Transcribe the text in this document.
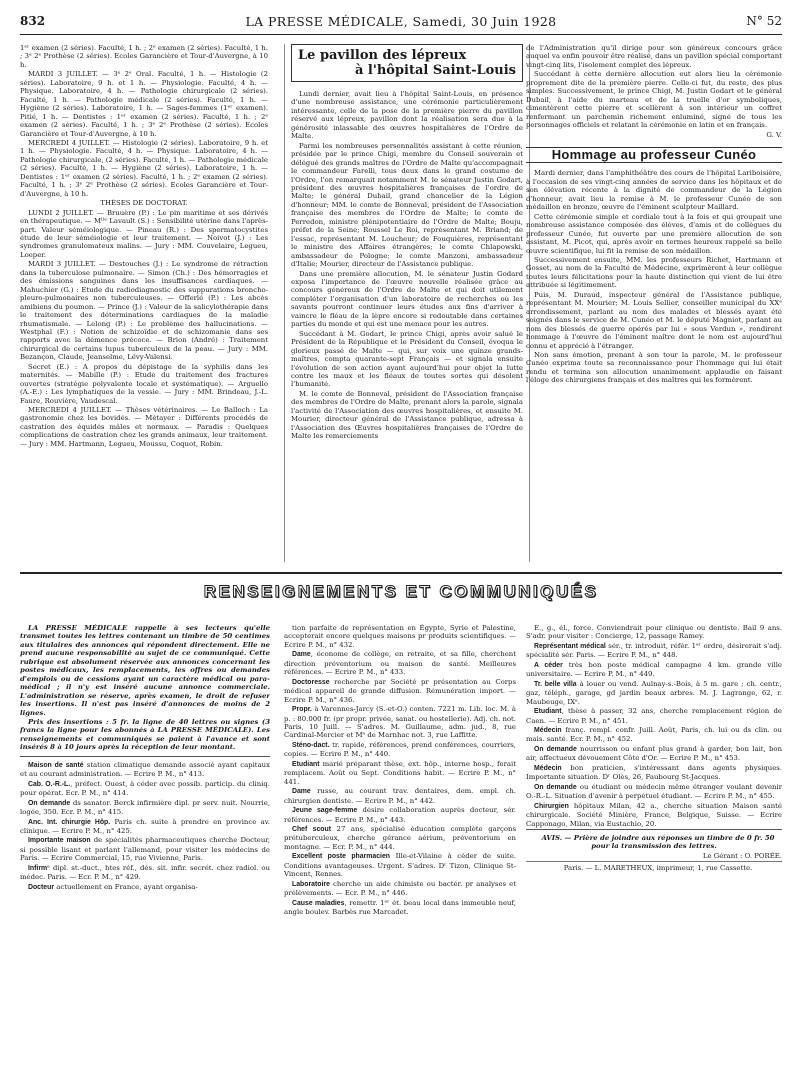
832	LA PRESSE MÉDICALE, Samedi, 30 Juin 1928	N° 52

1ᵉʳ examen (2 séries). Faculté, 1 h. ; 2ᵉ examen (2 séries). Faculté, 1 h. ; 3ᵉ 2ᵉ Prothèse (2 séries). Ecoles Garancière et Tour-d'Auvergne, à 10 h.

MARDI 3 JUILLET. — 3ᵉ 2ᵉ Oral. Faculté, 1 h. — Histologie (2 séries). Laboratoire, 9 h. et 1 h. — Physiologie. Faculté, 4 h. — Physique. Laboratoire, 4 h. — Pathologie chirurgicale (2 séries). Faculté, 1 h. — Pathologie médicale (2 séries). Faculté, 1 h. — Hygiène (2 séries). Laboratoire, 1 h. — Sages-femmes (1ᵉʳ examen). Pitié, 1 h. — Dentistes : 1ᵉʳ examen (2 séries). Faculté, 1 h. ; 2ᵉ examen (2 séries). Faculté, 1 h. ; 3ᵉ 2ᵉ Prothèse (2 séries). Ecoles Garancière et Tour-d'Auvergne, à 10 h.

MERCREDI 4 JUILLET. — Histologie (2 séries). Laboratoire, 9 h. et 1 h. — Physiologie. Faculté, 4 h. — Physique. Laboratoire, 4 h. — Pathologie chirurgicale, (2 séries). Faculté, 1 h. — Pathologie médicale (2 séries). Faculté, 1 h. — Hygiène (2 séries). Laboratoire, 1 h. — Dentistes : 1ᵉʳ examen (2 séries). Faculté, 1 h. ; 2ᵉ examen (2 séries). Faculté, 1 h. ; 3ᵉ 2ᵉ Prothèse (2 séries). Ecoles Garancière et Tour-d'Auvergne, à 10 h.

THÈSES DE DOCTORAT.

LUNDI 2 JUILLET. — Bruuère (P.) : Le pin maritime et ses dérivés en thérapeutique. — Mˡˡᵉ Lavault (S.) : Sensibilité utérine dans l'après-part. Valeur séméiologique. — Pineau (R.) : Des spermatocystites étude de leur séméiologie et leur traitement. — Noivot (J.) : Les syndromes granulomateux malins. — Jury : MM. Couvelaire, Legueu, Loeper.

MARDI 3 JUILLET. — Destouches (J.) : Le syndrome de rétraction dans la tuberculose pulmonaire. — Simon (Ch.) : Des hémorragies et des émissions sanguines dans les insuffisances cardiaques. — Mahuchier (G.) : Etude du radiodiagnostic des suppurations broncho-pleuro-pulmonaires non tuberculeuses. — Offerlé (P.) : Les abcès amibiens du poumon. — Prince (J.) : Valeur de la salicylothérapie dans le traitement des déterminations cardiaques de la maladie rhumatismale. — Lelong (P.) : Le problème des hallucinations. — Westphal (F.) : Notion de schizoïdie et de schizomanie dans ses rapports avec la démence précoce. — Brion (André) : Traitement chirurgical de certains lupus tuberculeux de la peau. — Jury : MM. Bezançon, Claude, Jeanselme, Lévy-Valensi.

Secret (E.) : A propos du dépistage de la syphilis dans les maternités. — Mabille (P.) : Etude du traitement des fractures ouvertes (stratégie polyvalente locale et systématique). — Arguello (A.-E.) : Les lymphatiques de la vessie. — Jury : MM. Brindeau, J.-L. Faure, Rouvière, Vaudescal.

MERCREDI 4 JUILLET. — Thèses vétérinaires. — Le Balloch : La gastronomie chez les bovidés. — Métayer : Différents procédés de castration des équidés mâles et normaux. — Paradis : Quelques complications de castration chez les grands animaux, leur traitement. — Jury : MM. Hartmann, Legueu, Moussu, Coquot, Robin.

Le pavillon des lépreux
à l'hôpital Saint-Louis

Lundi dernier, avait lieu à l'hôpital Saint-Louis, en présence d'une nombreuse assistance, une cérémonie particulièrement intéressante, celle de la pose de la première pierre du pavillon réservé aux lépreux, pavillon dont la réalisation sera due à la générosité inlassable des œuvres hospitalières de l'Ordre de Malte.

Parmi les nombreuses personnalités assistant à cette réunion, présidée par le prince Chigi, membre du Conseil souverain et délégué des grands maîtres de l'Ordre de Malte qu'accompagnait le commandeur Farelli, tous deux dans le grand costume de l'Ordre, l'on remarquait notamment M. le sénateur Justin Godart, président des œuvres hospitalières françaises de l'ordre de Malte; le général Dubail, grand chancelier de la Légion d'honneur; MM. le comte de Bonneval, président de l'Association française des membres de l'Ordre de Malte; le comte de Perredon, ministre plénipotentiaire de l'Ordre de Malte; Bouju, préfet de la Seine; Roussel Le Roi, représentant M. Briand; de l'essac, représentant M. Loucheur; de Fouquières, représentant le ministre des Affaires étrangères; le comte Chlapowski, ambassadeur de Pologne; le comte Manzoni, ambassadeur d'Italie; Mourier, directeur de l'Assistance publique.

Dans une première allocution, M. le sénateur Justin Godard exposa l'importance de l'œuvre nouvelle réalisée grâce au concours généreux de l'Ordre de Malte et qui doit utilement compléter l'organisation d'un laboratoire de recherches où les savants pourront continuer leurs études aux fins d'arriver à vaincre le fléau de la lèpre encore si redoutable dans certaines parties du monde et qui est une menace pour les autres.

Succédant à M. Godart, le prince Chigi, après avoir salué le Président de la République et le Président du Conseil, évoqua le glorieux passé de Malte — qui, sur voix une quinze grands-maîtres, compta quarante-sept Français — et signala ensuite l'évolution de son action ayant aujourd'hui pour objet la lutte contre les maux et les fléaux de toutes sortes qui désolent l'humanité.

M. le comte de Bonneval, président de l'Association française des membres de l'Ordre de Malte, prenant alors la parole, signala l'activité de l'Association des œuvres hospitalières, et ensuite M. Mourier, directeur général de l'Assistance publique, adressa à l'Association des Œuvres hospitalières françaises de l'Ordre de Malte les remerciements

de l'Administration qu'il dirige pour son généreux concours grâce auquel va enfin pouvoir être réalisé, dans un pavillon spécial comportant vingt-cinq lits, l'isolement complet des lépreux.

Succédant à cette dernière allocution eut alors lieu la cérémonie proprement dite de la première pierre. Celle-ci fut, du reste, des plus simples. Successivement, le prince Chigi, M. Justin Godart et le général Dubail, à l'aide du marteau et de la truelle d'or symboliques, cimentèrent cette pierre et scellèrent à son intérieur un coffret renfermant un parchemin richement enluminé, signé de tous les personnages officiels et relatant la cérémonie en latin et en français.

G. V.

Hommage au professeur Cunéo

Mardi dernier, dans l'amphithéâtre des cours de l'hôpital Lariboisière, à l'occasion de ses vingt-cinq années de service dans les hôpitaux et de son élévation récente à la dignité de commandeur de la Légion d'honneur, avait lieu la remise à M. le professeur Cunéo de son médaillon en bronze, œuvre de l'éminent sculpteur Maillard.

Cette cérémonie simple et cordiale tout à la fois et qui groupait une nombreuse assistance composée des élèves, d'amis et de collègues du professeur Cunéo, fut ouverte par une première allocution de son assistant, M. Picot, qui, après avoir en termes heureux rappelé sa belle œuvre scientifique, lui fit la remise de son médaillon.

Successivement ensuite, MM. les professeurs Richet, Hartmann et Gosset, au nom de la Faculté de Médecine, exprimèrent à leur collègue toutes leurs félicitations pour la haute distinction qui vient de lui être attribuée si légitimement.

Puis, M. Duraud, inspecteur général de l'Assistance publique, représentant M. Mourier; M. Louis Sellier, conseiller municipal du XXᵉ arrondissement, parlant au nom des malades et blessés ayant été soignés dans le service de M. Cunéo et M. le député Magniot, parlant au nom des blessés de guerre opérés par lui « sous Verdun », rendirent hommage à l'œuvre de l'éminent maître dont le nom est aujourd'hui connu et apprécié à l'étranger.

Non sans émotion, prenant à son tour la parole, M. le professeur Cunéo exprima toute sa reconnaissance pour l'hommage qui lui était rendu et termina son allocution unanimement applaudie en faisant l'éloge des chirurgiens français et des maîtres qui les formèrent.

RENSEIGNEMENTS ET COMMUNIQUÉS

LA PRESSE MÉDICALE rappelle à ses lecteurs qu'elle transmet toutes les lettres contenant un timbre de 50 centimes aux titulaires des annonces qui répondent directement. Elle ne prend aucune responsabilité au sujet de ce communiqué. Cette rubrique est absolument réservée aux annonces concernant les postes médicaux, les remplacements, les offres ou demandes d'emplois ou de cessions ayant un caractère médical ou para-médical ; il n'y est inséré aucune annonce commerciale. L'administration se réserve, après examen, le droit de refuser les insertions. Il n'est pas inséré d'annonces de moins de 2 lignes.

Prix des insertions : 5 fr. la ligne de 40 lettres ou signes (3 francs la ligne pour les abonnés à LA PRESSE MÉDICALE). Les renseignements et communiqués se paient à l'avance et sont insérés 8 à 10 jours après la réception de leur montant.

Maison de santé station climatique demande associé ayant capitaux et au courant administration. — Ecrire P. M., n° 413.

Cab. O.-R.-L., préfect. Ouest, à céder avec possib. particip. du cliniq. pour opérat. Ecr. P. M., n° 414.

On demande ds sanator. Berck infirmière dipl. pr serv. nuit. Nourrie, logée, 350. Ecr. P. M., n° 415.

Anc. Int. chirurgie Hôp. Paris ch. suite à prendre en province av. clinique. — Ecrire P. M., n° 425.

Importante maison de spécialités pharmaceutiques cherche Docteur, si possible lisant et parlant l'allemand, pour visiter les médecins de Paris. — Ecrire Commercial, 15, rue Vivienne, Paris.

Infirmᵉ dipl. st.-duct., htes réf., dés. sit. infir. secrét. chez radiol. ou médec. Paris. — Ecr. P. M., n° 429.

Docteur actuellement en France, ayant organisa-

tion parfaite de représentation en Égypte, Syrie et Palestine, accepterait encore quelques maisons pr produits scientifiques. — Ecrire P. M., n° 432.

Dame, économe de collège, en retraite, et sa fille, cherchent direction préventorium ou maison de santé. Meilleures références. — Ecrire P. M., n° 433.

Doctoresse recherche par Société pr présentation au Corps médical appareil de grande diffusion. Rémunération import. — Ecrire P. M., n° 436.

Propr. à Varennes-Jarcy (S.-et-O.) conten. 7221 m. Lib. loc. M. à p. : 80.000 fr. (pr propr. privée, sanat. ou hostellerie). Adj. ch. not. Paris, 10 Juill. — S'adres. M. Guillaume, adm. jud., 8, rue Cardinal-Mercier et Mᵉ de Marnhac not. 3, rue Laffitte.

Sténo-dact. tr. rapide, références, prend conférences, courriers, copies. — Ecrire P. M., n° 440.

Etudiant marié préparant thèse, ext. hôp., interne hosp., ferait remplacem. Août ou Sept. Conditions habit. — Ecrire P. M., n° 441.

Dame russe, au courant trav. dentaires, dem. empl. ch. chirurgien dentiste. — Ecrire P. M., n° 442.

Jeune sage-femme désire collaboration auprès docteur, sér. références. — Ecrire P. M., n° 443.

Chef scout 27 ans, spécialisé éducation complète garçons prétuberculeux, cherche gérance aérium, préventorium en montagne. — Ecr. P. M., n° 444.

Excellent poste pharmacien Ille-et-Vilaine à céder de suite. Conditions avantageuses. Urgent. S'adres. Dʳ Tizon, Clinique St-Vincent, Rennes.

Laboratoire cherche un aide chimiste ou bactér. pr analyses et prélèvements. — Ecr. P. M., n° 446.

Cause maladies, remettr. 1ᵉʳ ét. beau local dans immeuble neuf, angle boulev. Barbès rue Marcadet.

E., g., él., force. Conviendrait pour clinique ou dentiste. Bail 9 ans. S'adr. pour visiter : Concierge, 12, passage Ramey.

Représentant médical sér., tr. introduit, référ. 1ᵉʳ ordre, désirerait s'adj. spécialité sér. Paris. — Ecrire P. M., n° 448.

A céder très bon poste médical campagne 4 km. grande ville universitaire. — Ecrire P. M., n° 449.

Tr. belle villa à louer ou vend. Aulnay-s.-Bois, à 5 m. gare ; ch. centr., gaz, téléph., garage, gd jardin beaux arbres. M. J. Lagrange, 62, r. Maubeuge, IXᵉ.

Etudiant, thèse à passer, 32 ans, cherche remplacement région de Caen. — Ecrire P. M., n° 451.

Médecin franç. rempl. confr. Juill. Août, Paris, ch. lui ou ds clin. ou mais. santé. Ecr. P. M., n° 452.

On demande nourrisson ou enfant plus grand à garder, bon lait, bon air, affectueux dévouement Côte d'Or. — Ecrire P. M., n° 453.

Médecin bon praticien, s'intéressant dans agents physiques. Importante situation. Dʳ Olès, 26, Faubourg St-Jacques.

On demande ou étudiant ou médecin même étranger voulant devenir O.-R.-L. Situation d'avenir à perpétuel étudiant. — Ecrire P. M., n° 455.

Chirurgien hôpitaux Milan, 42 a., cherche situation Maison santé chirurgicale. Société Minière, France, Belgique, Suisse. — Ecrire Capponago, Milan, via Eustachio, 20.

AVIS. — Prière de joindre aux réponses un timbre de 0 fr. 50 pour la transmission des lettres.

Le Gérant : O. PORÉE.

Paris. — L. MARETHEUX, imprimeur, 1, rue Cassette.
